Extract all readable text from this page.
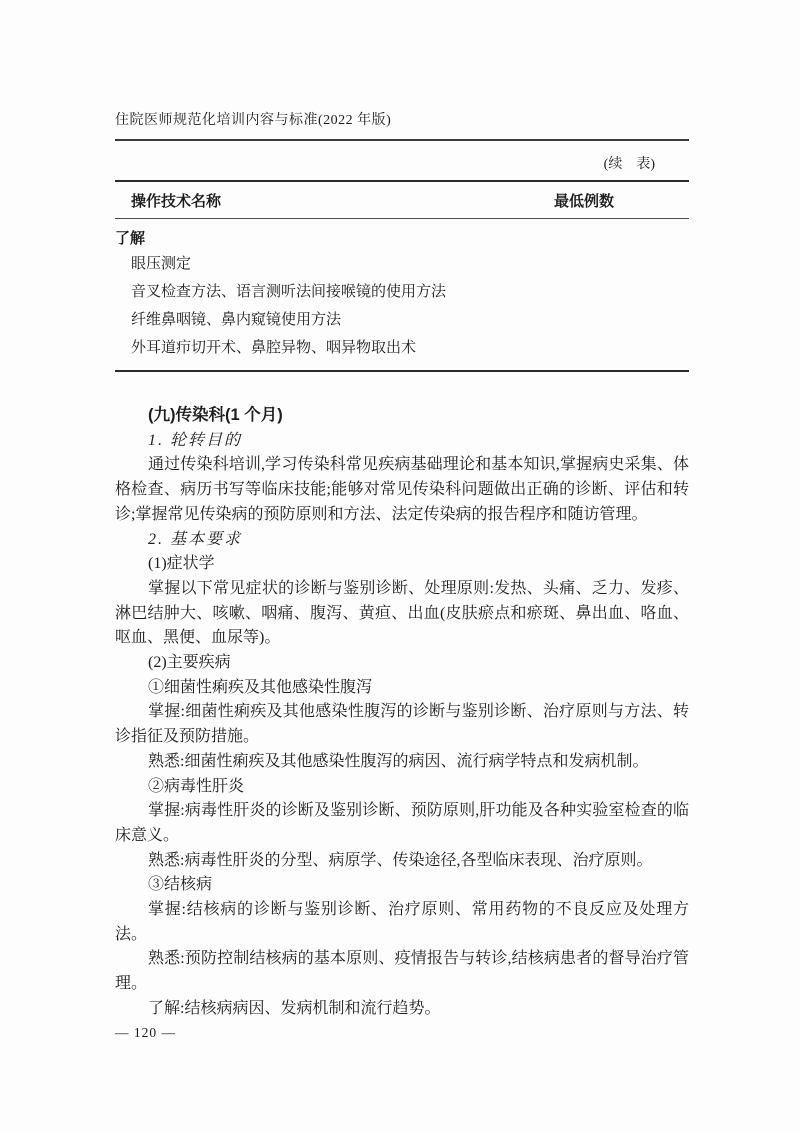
住院医师规范化培训内容与标准(2022 年版)
(续　表)
操作技术名称	最低例数
了解
眼压测定
音叉检查方法、语言测听法间接喉镜的使用方法
纤维鼻咽镜、鼻内窥镜使用方法
外耳道疖切开术、鼻腔异物、咽异物取出术

(九)传染科(1 个月)

1. 轮转目的

通过传染科培训,学习传染科常见疾病基础理论和基本知识,掌握病史采集、体格检查、病历书写等临床技能;能够对常见传染科问题做出正确的诊断、评估和转诊;掌握常见传染病的预防原则和方法、法定传染病的报告程序和随访管理。

2. 基本要求

(1)症状学

掌握以下常见症状的诊断与鉴别诊断、处理原则:发热、头痛、乏力、发疹、淋巴结肿大、咳嗽、咽痛、腹泻、黄疸、出血(皮肤瘀点和瘀斑、鼻出血、咯血、呕血、黑便、血尿等)。

(2)主要疾病

①细菌性痢疾及其他感染性腹泻

掌握:细菌性痢疾及其他感染性腹泻的诊断与鉴别诊断、治疗原则与方法、转诊指征及预防措施。

熟悉:细菌性痢疾及其他感染性腹泻的病因、流行病学特点和发病机制。

②病毒性肝炎

掌握:病毒性肝炎的诊断及鉴别诊断、预防原则,肝功能及各种实验室检查的临床意义。

熟悉:病毒性肝炎的分型、病原学、传染途径,各型临床表现、治疗原则。

③结核病

掌握:结核病的诊断与鉴别诊断、治疗原则、常用药物的不良反应及处理方法。

熟悉:预防控制结核病的基本原则、疫情报告与转诊,结核病患者的督导治疗管理。

了解:结核病病因、发病机制和流行趋势。

— 120 —
